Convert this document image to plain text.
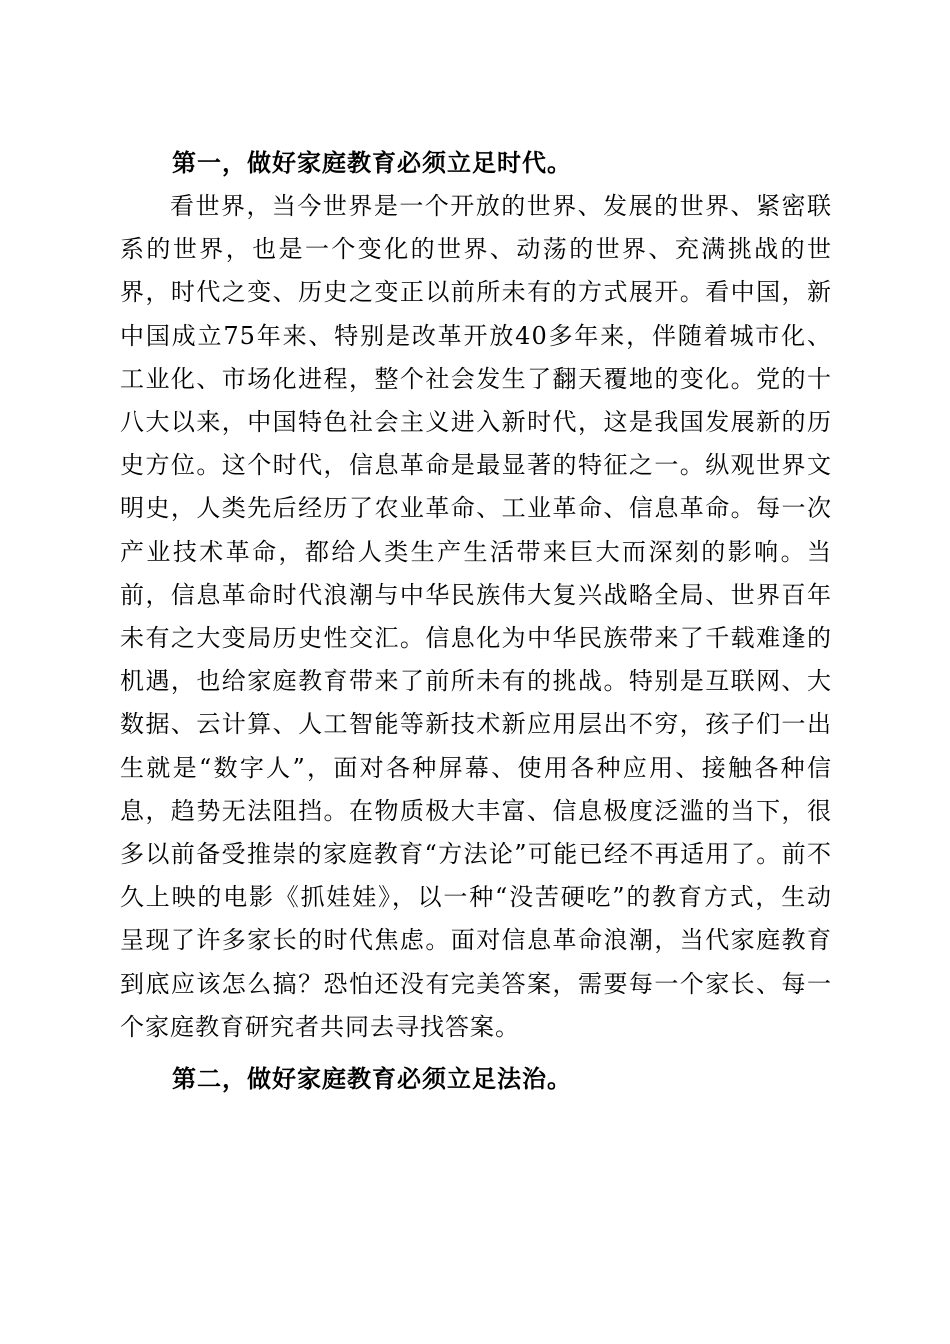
第一，做好家庭教育必须立足时代。

看世界，当今世界是一个开放的世界、发展的世界、紧密联系的世界，也是一个变化的世界、动荡的世界、充满挑战的世界，时代之变、历史之变正以前所未有的方式展开。看中国，新中国成立75年来、特别是改革开放40多年来，伴随着城市化、工业化、市场化进程，整个社会发生了翻天覆地的变化。党的十八大以来，中国特色社会主义进入新时代，这是我国发展新的历史方位。这个时代，信息革命是最显著的特征之一。纵观世界文明史，人类先后经历了农业革命、工业革命、信息革命。每一次产业技术革命，都给人类生产生活带来巨大而深刻的影响。当前，信息革命时代浪潮与中华民族伟大复兴战略全局、世界百年未有之大变局历史性交汇。信息化为中华民族带来了千载难逢的机遇，也给家庭教育带来了前所未有的挑战。特别是互联网、大数据、云计算、人工智能等新技术新应用层出不穷，孩子们一出生就是“数字人”，面对各种屏幕、使用各种应用、接触各种信息，趋势无法阻挡。在物质极大丰富、信息极度泛滥的当下，很多以前备受推崇的家庭教育“方法论”可能已经不再适用了。前不久上映的电影《抓娃娃》，以一种“没苦硬吃”的教育方式，生动呈现了许多家长的时代焦虑。面对信息革命浪潮，当代家庭教育到底应该怎么搞？恐怕还没有完美答案，需要每一个家长、每一个家庭教育研究者共同去寻找答案。

第二，做好家庭教育必须立足法治。
